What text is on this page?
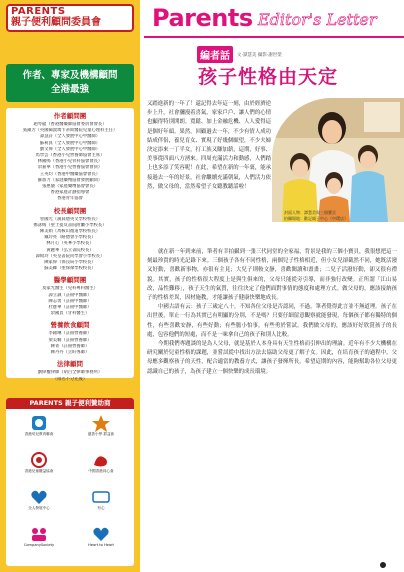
PARENTS
親子便利顧問委員會
作者、專家及機構顧問
全港最強
作者顧問團
趙琴龍（香港醫藥師協會委員會會長）
張錦芳（英國倫敦瑪卡蒂斯醫院兒童心理科主任）
譚慧詩（全人發展中心中醫師）
蘇莉真（全人發展中心中醫師）
劉文偉（全人發展中心中醫師）
馬學雲（香港小兒營養師協會主席）
林國鳴（香港小兒骨科協會會長）
余嘉華（香港小兒營養協會會員）
王英均（香港中醫藥協會會長）
羅加力（家庭藥劑協會發展顧問）
張惠儀（家庭藥劑協會會長）
香港家庭計劃指導會
香港青年協會
校長顧問團
曾國光（蒲窩德英文學校校長）
鄭詠梅（聖士提反書院附屬小學校長）
陳美娟（馬鞍山循道學校校長）
戴玲亮（路德會小學校長）
林月心（英華小學校長）
黃麗華（弘立書院校長）
譚綺玲（英皇書院同學會小學校長）
陳家偉（保良局小學校長）
蘇美卿（聖保祿學校校長）
醫學顧問團
莫家光醫生（兒科專科醫生）
譚立誠（註冊中醫師）
陳志勇（註冊中醫師）
杜寶華（註冊中醫師）
余國貞（牙科醫生）
營養飲食顧問
李穎琳（註冊營養師）
梁美嫻（註冊營養師）
陳菁（註冊營養師）
陳丹丹（烹飪導師）
法律顧問
劉偉權律師（胡百全律師事務所）
（排名不分先後）
PARENTS 親子便利贊助商
香港幼兒教育聯會	慈善小學 群益會
香港兒童權益協會	中國香港同心會
全人發展中心	有心
CompanySociety	Heart to Heart
Parents Editor's Letter
編者話	文‧譚慧美 攝影‧謝世榮
孩子性格由天定
封面人物：譚慧美與三個寶貝
拍攝場地：歡記親子中心（中環店）
又踏進新的一年了！還記得去年這一刻，由於經濟逆步上升，社會瀰漫着喜氣，家家戶戶、讓人們的心情也顯得特別開朗。寬鬆、加上金融危機、人人愛得這是個好年頭。果然，回顧過去一年，不少有情人成功結成伴侶，養兒育女、實現了好幾個願望，不少夫婦決定添來一丁半女，打工族又賺加薪，這期，好事、美事從四面八方湧來。四周充滿活力和動感，人們踏上也多添了笑容呢！在此，希望在新的一年裏，能承接過去一年的好景，社會繼續充滿朝氣，人們活力依然，做父母的，當然希望子女聽教聽話啦！

就在新一年到來前，筆者有幸拍攝到一張三代同堂的全家福，背景是我的三個小寶貝，我很想把這一刻最珍貴的時光記錄下來。三個孩子各有不同性格，兩個兒子性格相近，但小女兒卻截然不同，她既活潑又好動，喜歡新事物，亦很有主見；大兒子則較文靜，喜歡閱讀和畫畫；二兒子活潑好動，卻又很有禮貌。其實，孩子的性格很大程度上是與生俱來的，父母只能從旁引導，而非強行改變。正所謂「江山易改，品性難移」，孩子天生的氣質，往往決定了他們面對事情的態度和處理方式。做父母的，應該接納孩子的性格差異，因材施教，才能讓孩子健康快樂地成長。

中國古語有云：孩子三歲定八十。不知各位父母是否認同，不過，筆者覺得此言並不無道理。孩子在出世後，單止一行為其實已有明顯的分別，不是嗎？只要仔細留意觀察就能發現，每個孩子都有獨特的個性，有些喜歡安靜，有些好動；有些膽小怕事，有些勇於嘗試。我們做父母的，應該好好欣賞孩子的長處，包容他們的短處，而不是一味拿自己的孩子和別人比較。

今期我們專題談的是為人父母，就是基於人本身具有天生性格而引伸出的理論。近年有不少大機構在研究關於兒童性格的課題，並嘗試從中找出方法去協助父母更了解子女。因此，在培育孩子的過程中，父母應多觀察孩子的天性，配合適當的教養方式，讓孩子發揮所長。希望這期的內容，能夠幫助各位父母更認識自己的孩子，為孩子建立一個快樂的成長環境。
